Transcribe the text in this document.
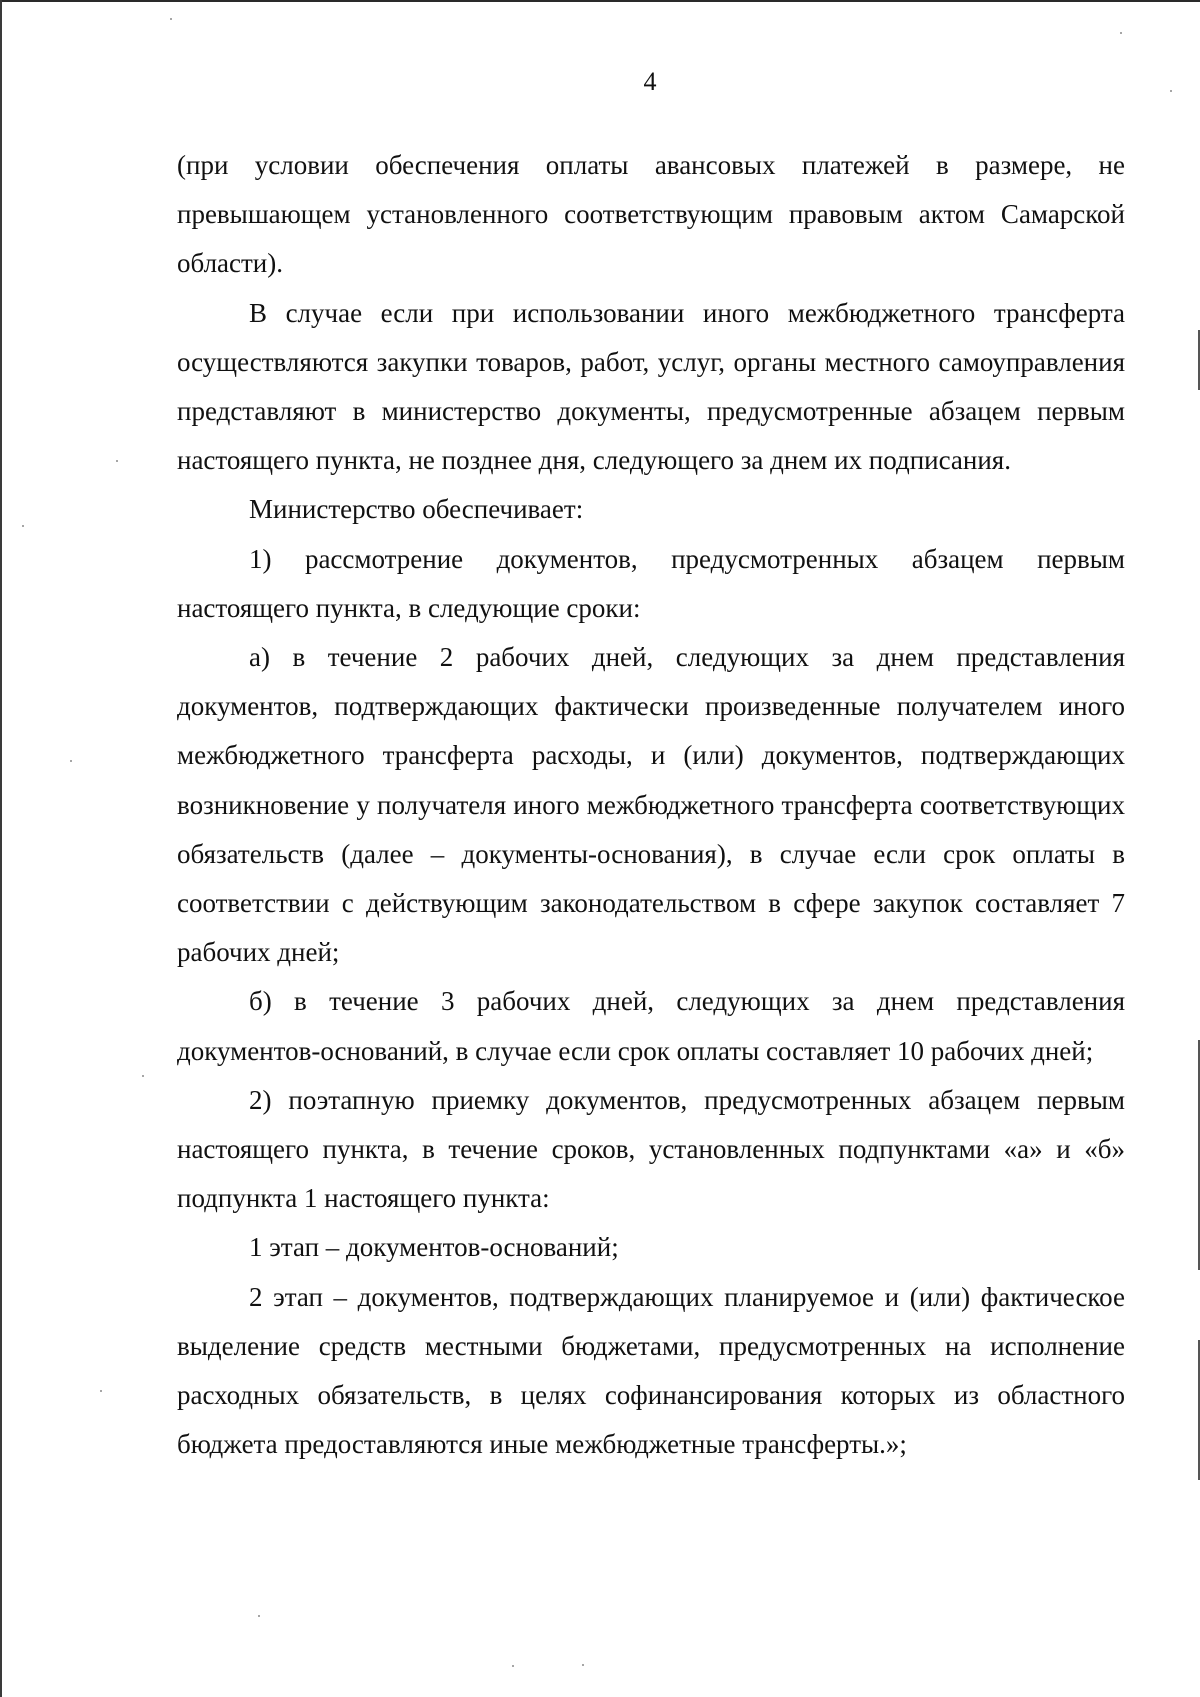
4

(при условии обеспечения оплаты авансовых платежей в размере, не превышающем установленного соответствующим правовым актом Самарской области).

В случае если при использовании иного межбюджетного трансферта осуществляются закупки товаров, работ, услуг, органы местного самоуправления представляют в министерство документы, предусмотренные абзацем первым настоящего пункта, не позднее дня, следующего за днем их подписания.

Министерство обеспечивает:

1) рассмотрение документов, предусмотренных абзацем первым настоящего пункта, в следующие сроки:

а) в течение 2 рабочих дней, следующих за днем представления документов, подтверждающих фактически произведенные получателем иного межбюджетного трансферта расходы, и (или) документов, подтверждающих возникновение у получателя иного межбюджетного трансферта соответствующих обязательств (далее – документы-основания), в случае если срок оплаты в соответствии с действующим законодательством в сфере закупок составляет 7 рабочих дней;

б) в течение 3 рабочих дней, следующих за днем представления документов-оснований, в случае если срок оплаты составляет 10 рабочих дней;

2) поэтапную приемку документов, предусмотренных абзацем первым настоящего пункта, в течение сроков, установленных подпунктами «а» и «б» подпункта 1 настоящего пункта:

1 этап – документов-оснований;

2 этап – документов, подтверждающих планируемое и (или) фактическое выделение средств местными бюджетами, предусмотренных на исполнение расходных обязательств, в целях софинансирования которых из областного бюджета предоставляются иные межбюджетные трансферты.»;
